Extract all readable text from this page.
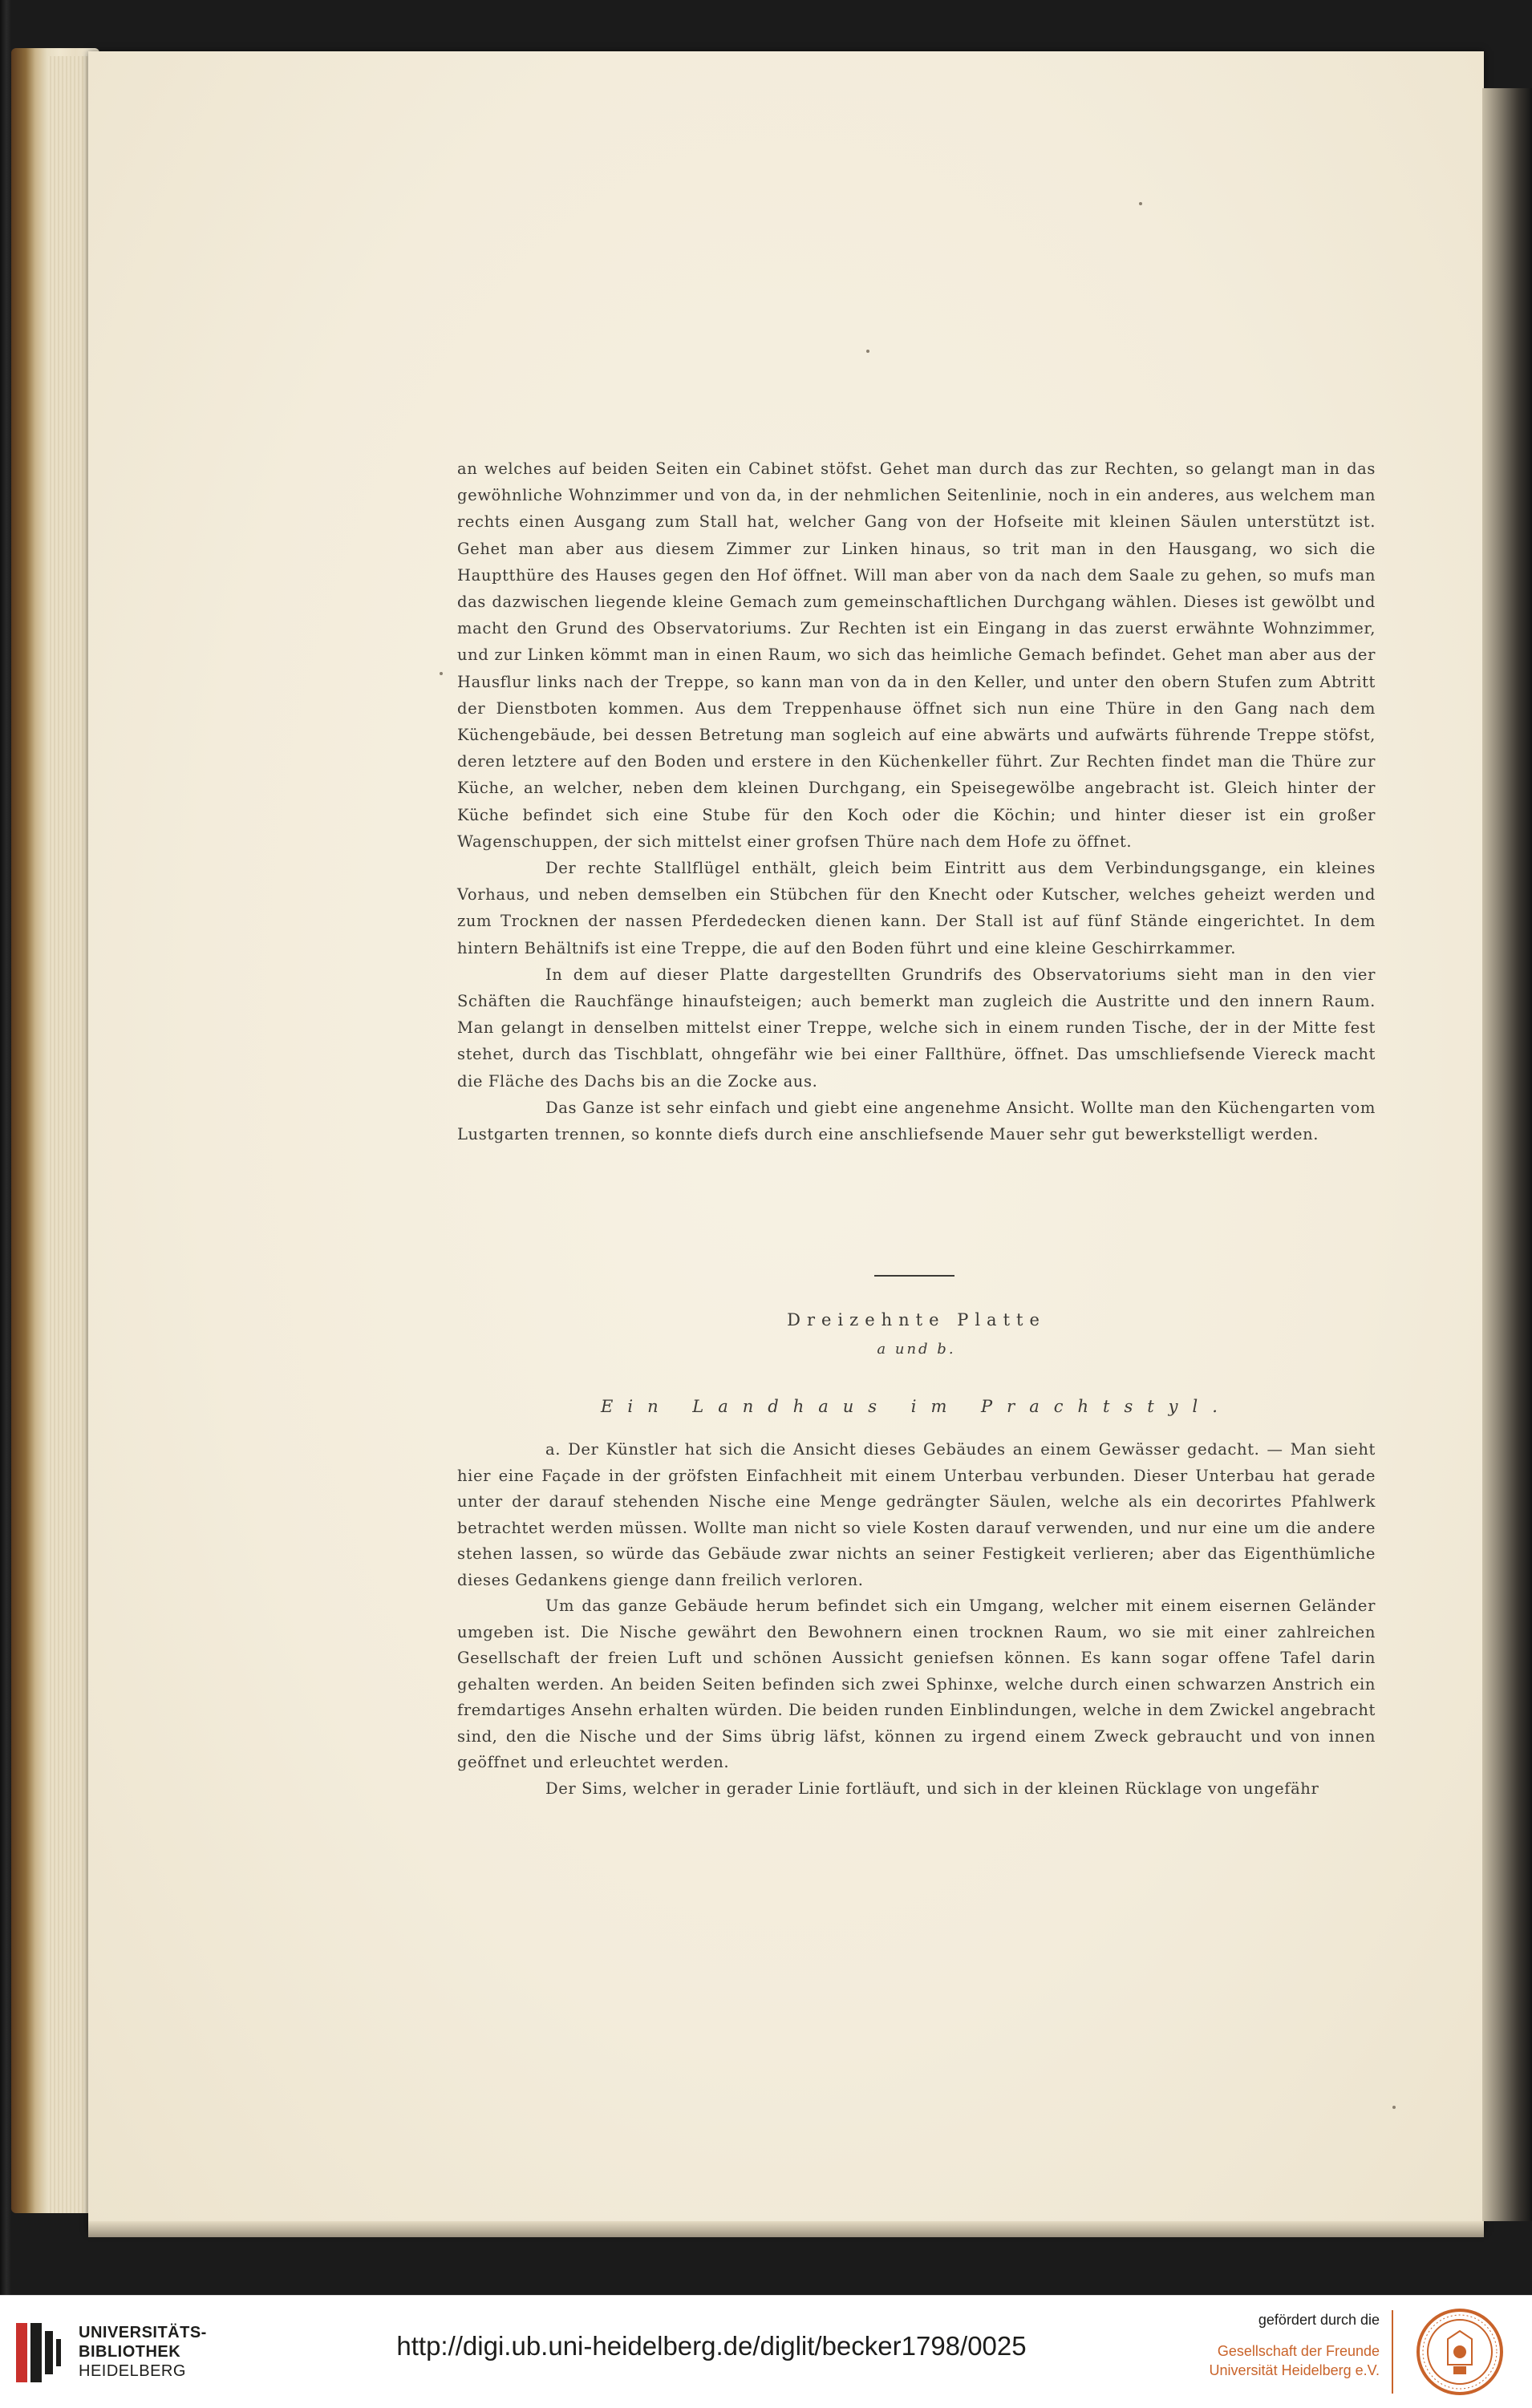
an welches auf beiden Seiten ein Cabinet stöfst. Gehet man durch das zur Rechten, so gelangt man in das gewöhnliche Wohnzimmer und von da, in der nehmlichen Seitenlinie, noch in ein anderes, aus welchem man rechts einen Ausgang zum Stall hat, welcher Gang von der Hofseite mit kleinen Säulen unterstützt ist. Gehet man aber aus diesem Zimmer zur Linken hinaus, so trit man in den Hausgang, wo sich die Hauptthüre des Hauses gegen den Hof öffnet. Will man aber von da nach dem Saale zu gehen, so mufs man das dazwischen liegende kleine Gemach zum gemeinschaftlichen Durchgang wählen. Dieses ist gewölbt und macht den Grund des Observatoriums. Zur Rechten ist ein Eingang in das zuerst erwähnte Wohnzimmer, und zur Linken kömmt man in einen Raum, wo sich das heimliche Gemach befindet. Gehet man aber aus der Hausflur links nach der Treppe, so kann man von da in den Keller, und unter den obern Stufen zum Abtritt der Dienstboten kommen. Aus dem Treppenhause öffnet sich nun eine Thüre in den Gang nach dem Küchengebäude, bei dessen Betretung man sogleich auf eine abwärts und aufwärts führende Treppe stöfst, deren letztere auf den Boden und erstere in den Küchenkeller führt. Zur Rechten findet man die Thüre zur Küche, an welcher, neben dem kleinen Durchgang, ein Speisegewölbe angebracht ist. Gleich hinter der Küche befindet sich eine Stube für den Koch oder die Köchin; und hinter dieser ist ein großer Wagenschuppen, der sich mittelst einer grofsen Thüre nach dem Hofe zu öffnet.

Der rechte Stallflügel enthält, gleich beim Eintritt aus dem Verbindungsgange, ein kleines Vorhaus, und neben demselben ein Stübchen für den Knecht oder Kutscher, welches geheizt werden und zum Trocknen der nassen Pferdedecken dienen kann. Der Stall ist auf fünf Stände eingerichtet. In dem hintern Behältnifs ist eine Treppe, die auf den Boden führt und eine kleine Geschirrkammer.

In dem auf dieser Platte dargestellten Grundrifs des Observatoriums sieht man in den vier Schäften die Rauchfänge hinaufsteigen; auch bemerkt man zugleich die Austritte und den innern Raum. Man gelangt in denselben mittelst einer Treppe, welche sich in einem runden Tische, der in der Mitte fest stehet, durch das Tischblatt, ohngefähr wie bei einer Fallthüre, öffnet. Das umschliefsende Viereck macht die Fläche des Dachs bis an die Zocke aus.

Das Ganze ist sehr einfach und giebt eine angenehme Ansicht. Wollte man den Küchengarten vom Lustgarten trennen, so konnte diefs durch eine anschliefsende Mauer sehr gut bewerkstelligt werden.

Dreizehnte Platte
a und b.
Ein Landhaus im Prachtstyl.

a. Der Künstler hat sich die Ansicht dieses Gebäudes an einem Gewässer gedacht. — Man sieht hier eine Façade in der gröfsten Einfachheit mit einem Unterbau verbunden. Dieser Unterbau hat gerade unter der darauf stehenden Nische eine Menge gedrängter Säulen, welche als ein decorirtes Pfahlwerk betrachtet werden müssen. Wollte man nicht so viele Kosten darauf verwenden, und nur eine um die andere stehen lassen, so würde das Gebäude zwar nichts an seiner Festigkeit verlieren; aber das Eigenthümliche dieses Gedankens gienge dann freilich verloren.

Um das ganze Gebäude herum befindet sich ein Umgang, welcher mit einem eisernen Geländer umgeben ist. Die Nische gewährt den Bewohnern einen trocknen Raum, wo sie mit einer zahlreichen Gesellschaft der freien Luft und schönen Aussicht geniefsen können. Es kann sogar offene Tafel darin gehalten werden. An beiden Seiten befinden sich zwei Sphinxe, welche durch einen schwarzen Anstrich ein fremdartiges Ansehn erhalten würden. Die beiden runden Einblindungen, welche in dem Zwickel angebracht sind, den die Nische und der Sims übrig läfst, können zu irgend einem Zweck gebraucht und von innen geöffnet und erleuchtet werden.

Der Sims, welcher in gerader Linie fortläuft, und sich in der kleinen Rücklage von ungefähr

UNIVERSITÄTS-
BIBLIOTHEK
HEIDELBERG
http://digi.ub.uni-heidelberg.de/diglit/becker1798/0025
gefördert durch die
Gesellschaft der Freunde
Universität Heidelberg e.V.
